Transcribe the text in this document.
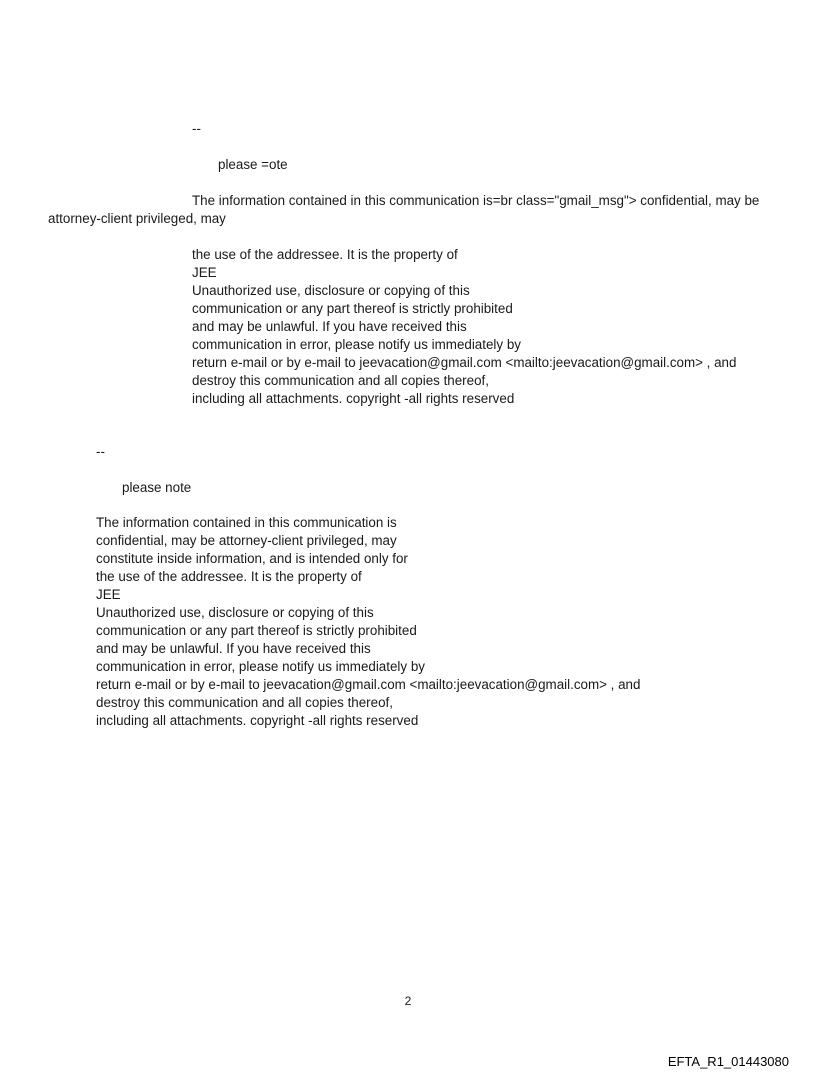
--
please =ote
The information contained in this communication is=br class="gmail_msg"> confidential, may be
attorney-client privileged, may
the use of the addressee. It is the property of
JEE
Unauthorized use, disclosure or copying of this
communication or any part thereof is strictly prohibited
and may be unlawful. If you have received this
communication in error, please notify us immediately by
return e-mail or by e-mail to jeevacation@gmail.com <mailto:jeevacation@gmail.com> , and
destroy this communication and all copies thereof,
including all attachments. copyright -all rights reserved
--
please note
The information contained in this communication is
confidential, may be attorney-client privileged, may
constitute inside information, and is intended only for
the use of the addressee. It is the property of
JEE
Unauthorized use, disclosure or copying of this
communication or any part thereof is strictly prohibited
and may be unlawful. If you have received this
communication in error, please notify us immediately by
return e-mail or by e-mail to jeevacation@gmail.com <mailto:jeevacation@gmail.com> , and
destroy this communication and all copies thereof,
including all attachments. copyright -all rights reserved
2
EFTA_R1_01443080
